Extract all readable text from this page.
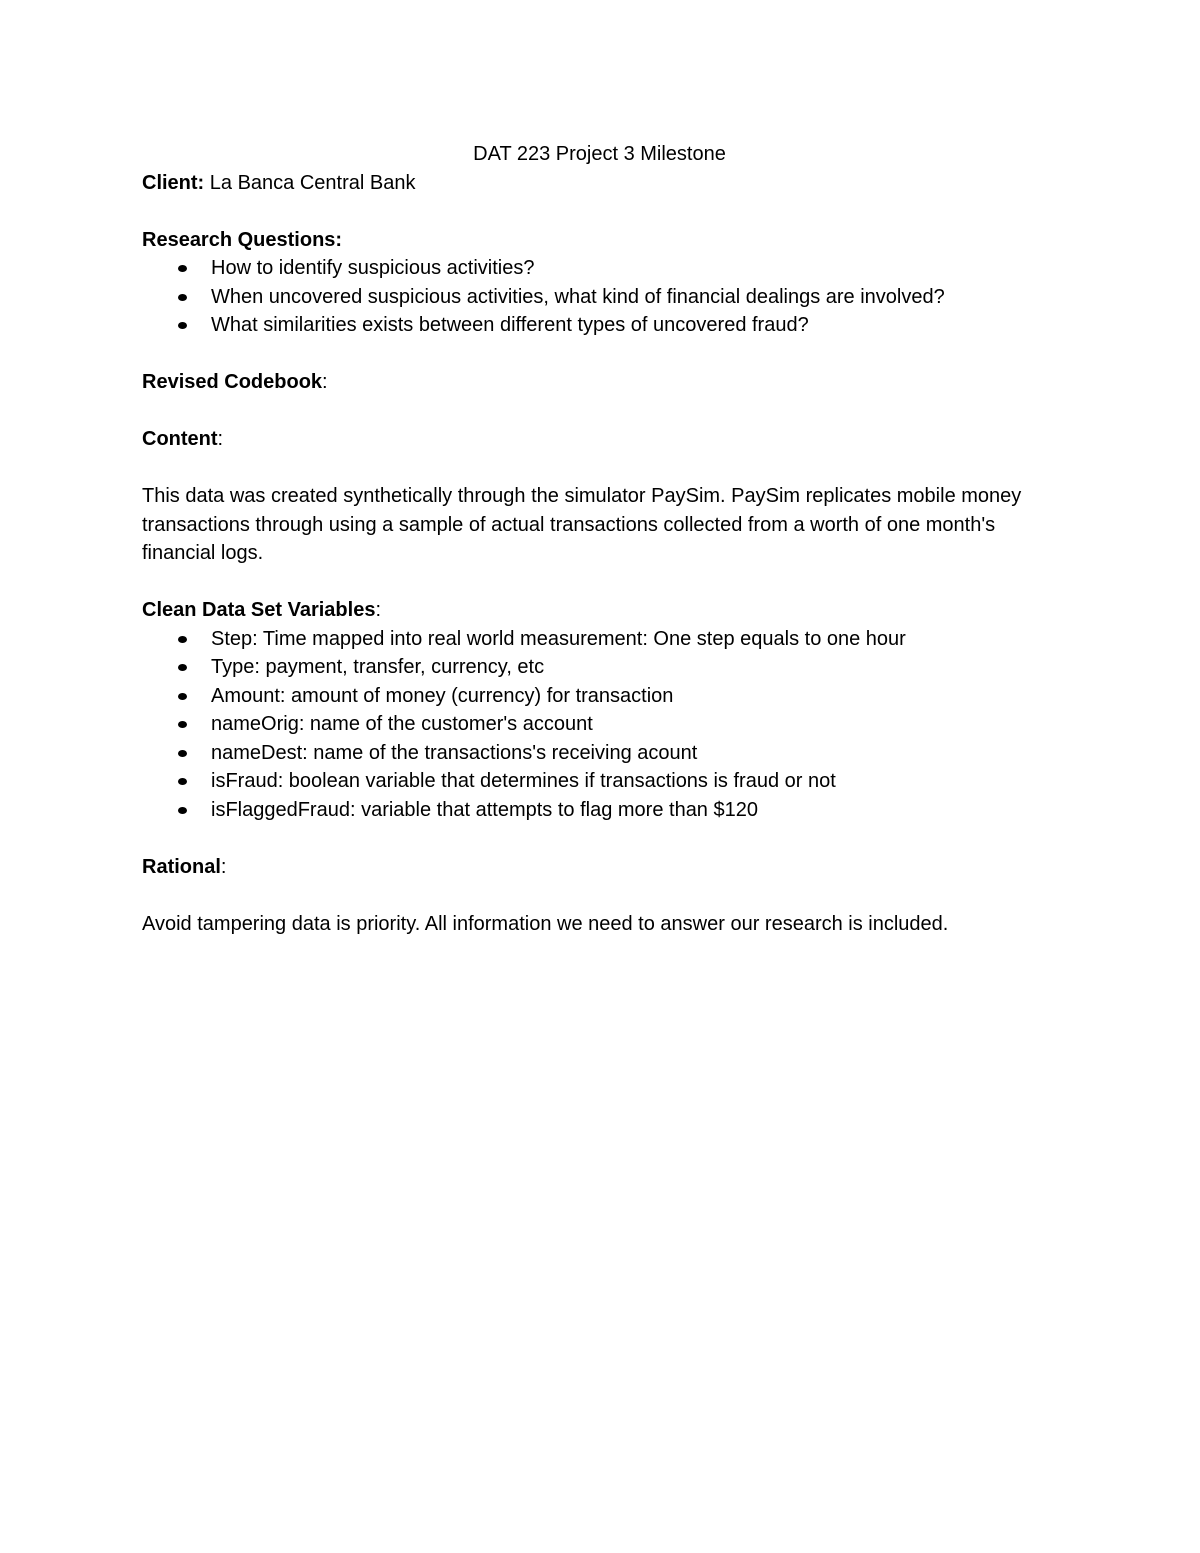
DAT 223 Project 3 Milestone

Client: La Banca Central Bank

Research Questions:

How to identify suspicious activities?
When uncovered suspicious activities, what kind of financial dealings are involved?
What similarities exists between different types of uncovered fraud?

Revised Codebook:

Content:

This data was created synthetically through the simulator PaySim. PaySim replicates mobile money transactions through using a sample of actual transactions collected from a worth of one month's financial logs.

Clean Data Set Variables:

Step: Time mapped into real world measurement: One step equals to one hour
Type: payment, transfer, currency, etc
Amount: amount of money (currency) for transaction
nameOrig: name of the customer's account
nameDest: name of the transactions's receiving acount
isFraud: boolean variable that determines if transactions is fraud or not
isFlaggedFraud: variable that attempts to flag more than $120

Rational:

Avoid tampering data is priority. All information we need to answer our research is included.
